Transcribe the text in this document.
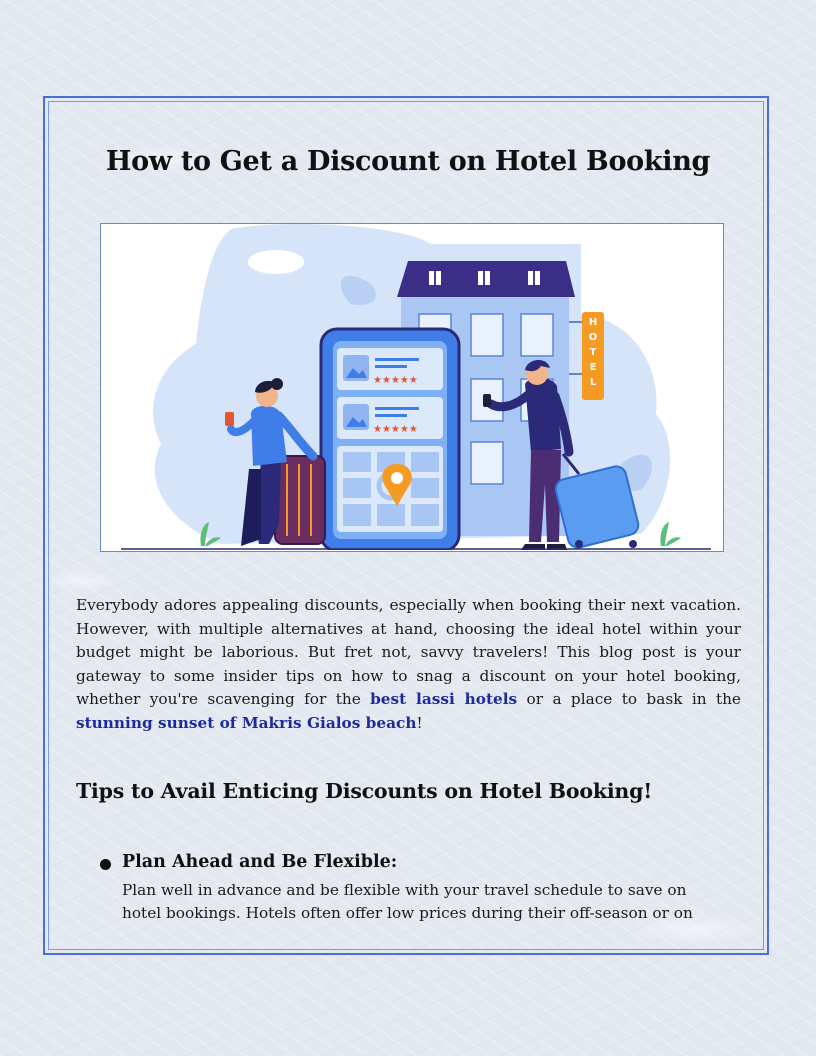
How to Get a Discount on Hotel Booking
H
O
T
E
L
★★★★★
★★★★★

Everybody adores appealing discounts, especially when booking their next vacation. However, with multiple alternatives at hand, choosing the ideal hotel within your budget might be laborious. But fret not, savvy travelers! This blog post is your gateway to some insider tips on how to snag a discount on your hotel booking, whether you're scavenging for the best lassi hotels or a place to bask in the stunning sunset of Makris Gialos beach!

Tips to Avail Enticing Discounts on Hotel Booking!
Plan Ahead and Be Flexible:

Plan well in advance and be flexible with your travel schedule to save on hotel bookings. Hotels often offer low prices during their off-season or on
